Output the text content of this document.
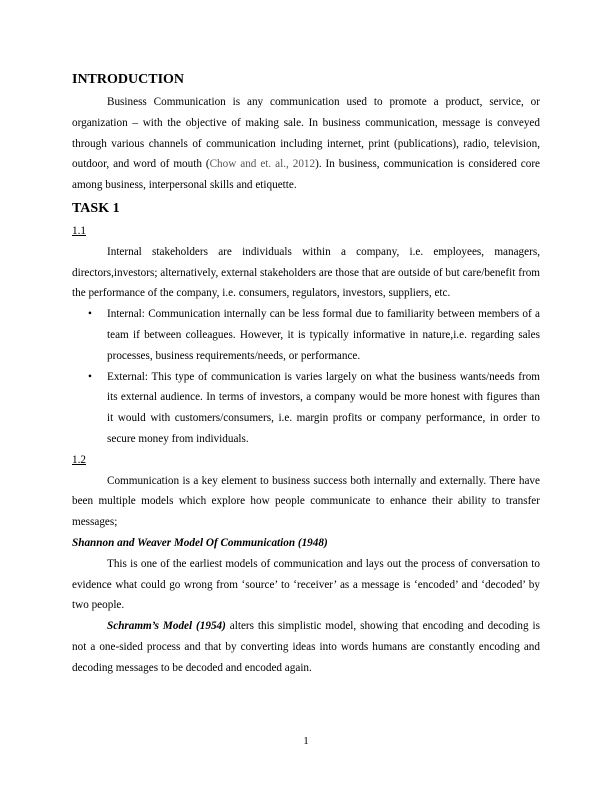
INTRODUCTION

Business Communication is any communication used to promote a product, service, or organization – with the objective of making sale. In business communication, message is conveyed through various channels of communication including internet, print (publications), radio, television, outdoor, and word of mouth (Chow and et. al., 2012). In business, communication is considered core among business, interpersonal skills and etiquette.

TASK 1
1.1

Internal stakeholders are individuals within a company, i.e. employees, managers, directors,investors; alternatively, external stakeholders are those that are outside of but care/benefit from the performance of the company, i.e. consumers, regulators, investors, suppliers, etc.

• Internal: Communication internally can be less formal due to familiarity between members of a team if between colleagues. However, it is typically informative in nature,i.e. regarding sales processes, business requirements/needs, or performance.
• External: This type of communication is varies largely on what the business wants/needs from its external audience. In terms of investors, a company would be more honest with figures than it would with customers/consumers, i.e. margin profits or company performance, in order to secure money from individuals.
1.2

Communication is a key element to business success both internally and externally. There have been multiple models which explore how people communicate to enhance their ability to transfer messages;

Shannon and Weaver Model Of Communication (1948)

This is one of the earliest models of communication and lays out the process of conversation to evidence what could go wrong from ‘source’ to ‘receiver’ as a message is ‘encoded’ and ‘decoded’ by two people.

Schramm’s Model (1954) alters this simplistic model, showing that encoding and decoding is not a one-sided process and that by converting ideas into words humans are constantly encoding and decoding messages to be decoded and encoded again.

1
